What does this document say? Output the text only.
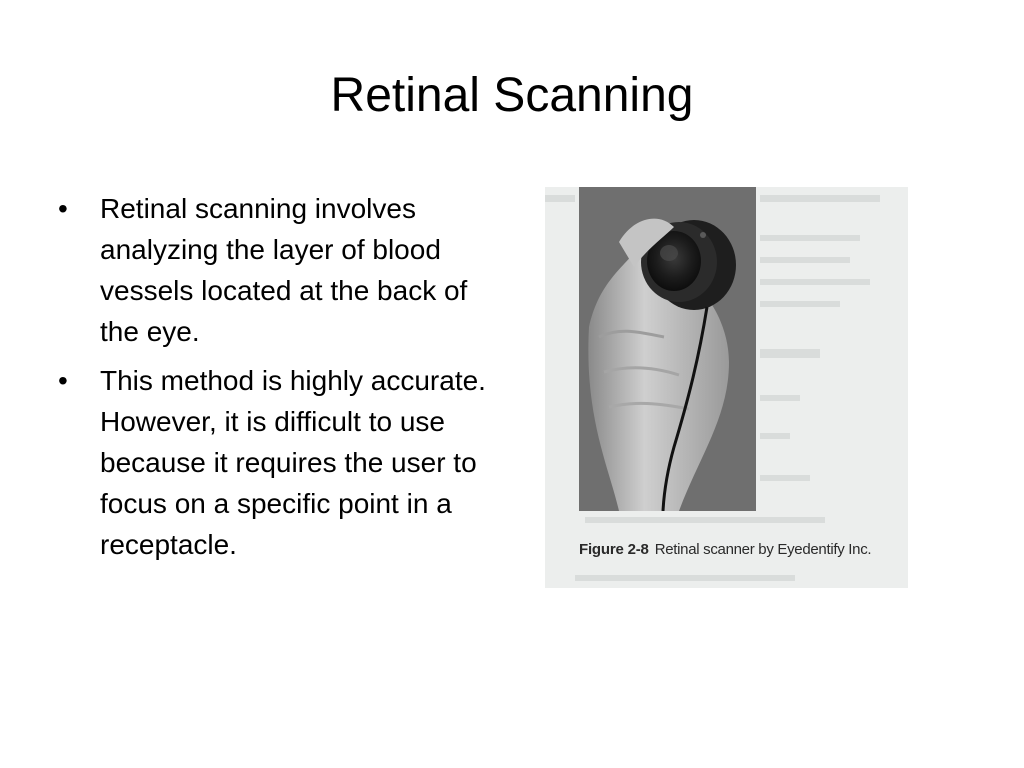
Retinal Scanning
•	Retinal scanning involves analyzing the layer of blood vessels located at the back of the eye.
•	This method is highly accurate. However, it is difficult to use because it requires the user to focus on a specific point in a receptacle.	Figure 2-8 Retinal scanner by Eyedentify Inc.
